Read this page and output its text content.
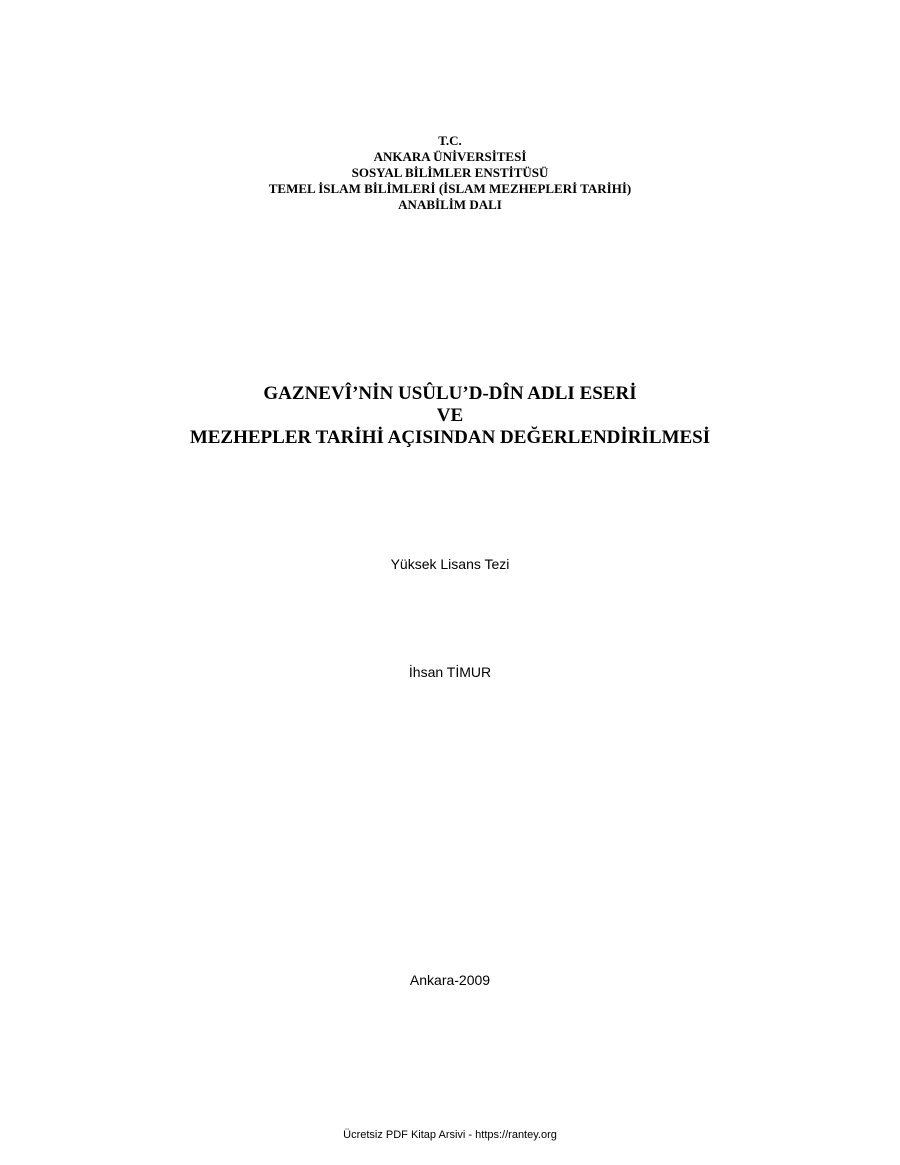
T.C.
ANKARA ÜNİVERSİTESİ
SOSYAL BİLİMLER ENSTİTÜSÜ
TEMEL İSLAM BİLİMLERİ (İSLAM MEZHEPLERİ TARİHİ)
ANABİLİM DALI
GAZNEVÎ’NİN USÛLU’D-DÎN ADLI ESERİ
VE
MEZHEPLER TARİHİ AÇISINDAN DEĞERLENDİRİLMESİ
Yüksek Lisans Tezi
İhsan TİMUR
Ankara-2009
Ücretsiz PDF Kitap Arsivi - https://rantey.org
